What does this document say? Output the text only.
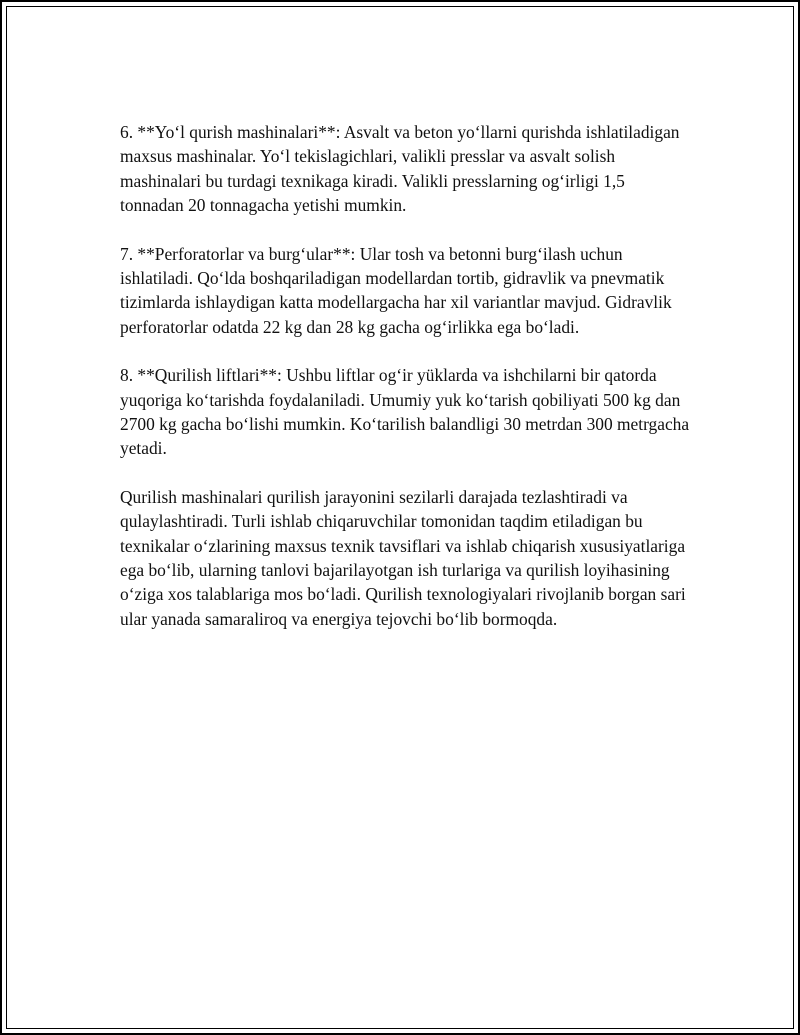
6. **Yo‘l qurish mashinalari**: Asvalt va beton yo‘llarni qurishda ishlatiladigan maxsus mashinalar. Yo‘l tekislagichlari, valikli presslar va asvalt solish mashinalari bu turdagi texnikaga kiradi. Valikli presslarning og‘irligi 1,5 tonnadan 20 tonnagacha yetishi mumkin.

7. **Perforatorlar va burg‘ular**: Ular tosh va betonni burg‘ilash uchun ishlatiladi. Qo‘lda boshqariladigan modellardan tortib, gidravlik va pnevmatik tizimlarda ishlaydigan katta modellargacha har xil variantlar mavjud. Gidravlik perforatorlar odatda 22 kg dan 28 kg gacha og‘irlikka ega bo‘ladi.

8. **Qurilish liftlari**: Ushbu liftlar og‘ir yüklarda va ishchilarni bir qatorda yuqoriga ko‘tarishda foydalaniladi. Umumiy yuk ko‘tarish qobiliyati 500 kg dan 2700 kg gacha bo‘lishi mumkin. Ko‘tarilish balandligi 30 metrdan 300 metrgacha yetadi.

Qurilish mashinalari qurilish jarayonini sezilarli darajada tezlashtiradi va qulaylashtiradi. Turli ishlab chiqaruvchilar tomonidan taqdim etiladigan bu texnikalar o‘zlarining maxsus texnik tavsiflari va ishlab chiqarish xususiyatlariga ega bo‘lib, ularning tanlovi bajarilayotgan ish turlariga va qurilish loyihasining o‘ziga xos talablariga mos bo‘ladi. Qurilish texnologiyalari rivojlanib borgan sari ular yanada samaraliroq va energiya tejovchi bo‘lib bormoqda.
